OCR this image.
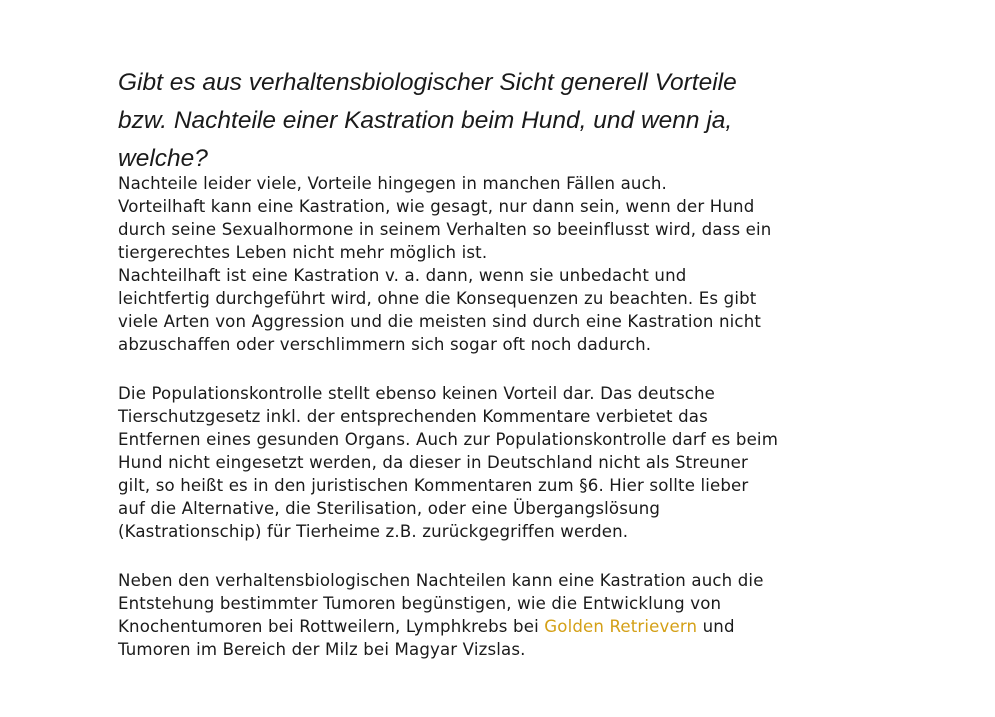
Gibt es aus verhaltensbiologischer Sicht generell Vorteile
bzw. Nachteile einer Kastration beim Hund, und wenn ja,
welche?

Nachteile leider viele, Vorteile hingegen in manchen Fällen auch.
Vorteilhaft kann eine Kastration, wie gesagt, nur dann sein, wenn der Hund
durch seine Sexualhormone in seinem Verhalten so beeinflusst wird, dass ein
tiergerechtes Leben nicht mehr möglich ist.
Nachteilhaft ist eine Kastration v. a. dann, wenn sie unbedacht und
leichtfertig durchgeführt wird, ohne die Konsequenzen zu beachten. Es gibt
viele Arten von Aggression und die meisten sind durch eine Kastration nicht
abzuschaffen oder verschlimmern sich sogar oft noch dadurch.

Die Populationskontrolle stellt ebenso keinen Vorteil dar. Das deutsche
Tierschutzgesetz inkl. der entsprechenden Kommentare verbietet das
Entfernen eines gesunden Organs. Auch zur Populationskontrolle darf es beim
Hund nicht eingesetzt werden, da dieser in Deutschland nicht als Streuner
gilt, so heißt es in den juristischen Kommentaren zum §6. Hier sollte lieber
auf die Alternative, die Sterilisation, oder eine Übergangslösung
(Kastrationschip) für Tierheime z.B. zurückgegriffen werden.

Neben den verhaltensbiologischen Nachteilen kann eine Kastration auch die
Entstehung bestimmter Tumoren begünstigen, wie die Entwicklung von
Knochentumoren bei Rottweilern, Lymphkrebs bei Golden Retrievern und
Tumoren im Bereich der Milz bei Magyar Vizslas.
